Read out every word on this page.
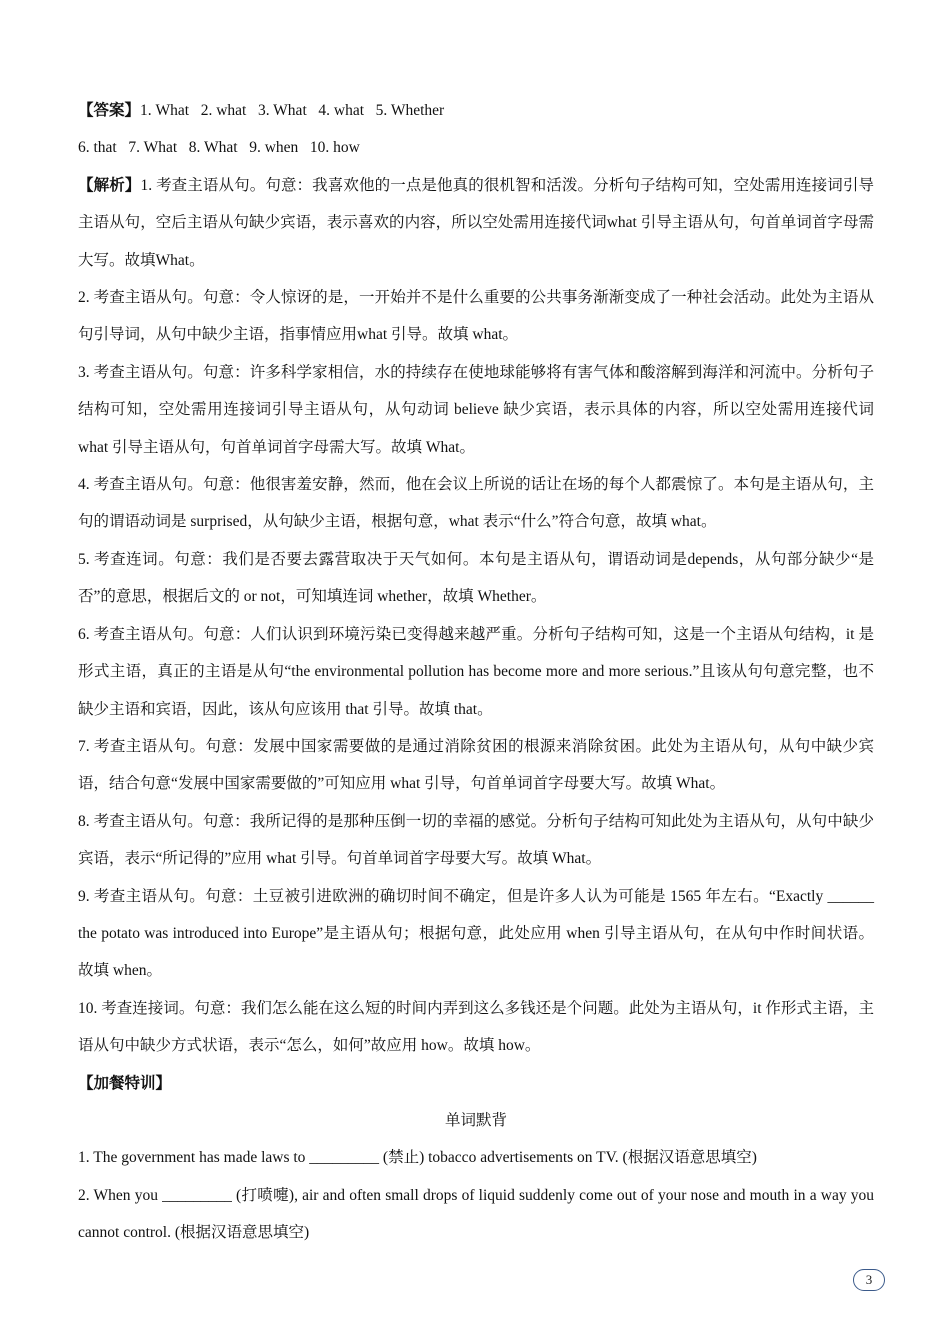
【答案】1. What   2. what   3. What   4. what   5. Whether
6. that   7. What   8. What   9. when   10. how
【解析】1. 考查主语从句。句意：我喜欢他的一点是他真的很机智和活泼。分析句子结构可知，空处需用连接词引导主语从句，空后主语从句缺少宾语，表示喜欢的内容，所以空处需用连接代词what 引导主语从句，句首单词首字母需大写。故填What。
2. 考查主语从句。句意：令人惊讶的是，一开始并不是什么重要的公共事务渐渐变成了一种社会活动。此处为主语从句引导词，从句中缺少主语，指事情应用what 引导。故填 what。
3. 考查主语从句。句意：许多科学家相信，水的持续存在使地球能够将有害气体和酸溶解到海洋和河流中。分析句子结构可知，空处需用连接词引导主语从句，从句动词 believe 缺少宾语，表示具体的内容，所以空处需用连接代词 what 引导主语从句，句首单词首字母需大写。故填 What。
4. 考查主语从句。句意：他很害羞安静，然而，他在会议上所说的话让在场的每个人都震惊了。本句是主语从句，主句的谓语动词是 surprised，从句缺少主语，根据句意，what 表示“什么”符合句意，故填 what。
5. 考查连词。句意：我们是否要去露营取决于天气如何。本句是主语从句，谓语动词是depends，从句部分缺少“是否”的意思，根据后文的 or not，可知填连词 whether，故填 Whether。
6. 考查主语从句。句意：人们认识到环境污染已变得越来越严重。分析句子结构可知，这是一个主语从句结构，it 是形式主语，真正的主语是从句“the environmental pollution has become more and more serious.”且该从句句意完整，也不缺少主语和宾语，因此，该从句应该用 that 引导。故填 that。
7. 考查主语从句。句意：发展中国家需要做的是通过消除贫困的根源来消除贫困。此处为主语从句，从句中缺少宾语，结合句意“发展中国家需要做的”可知应用 what 引导，句首单词首字母要大写。故填 What。
8. 考查主语从句。句意：我所记得的是那种压倒一切的幸福的感觉。分析句子结构可知此处为主语从句，从句中缺少宾语，表示“所记得的”应用 what 引导。句首单词首字母要大写。故填 What。
9. 考查主语从句。句意：土豆被引进欧洲的确切时间不确定，但是许多人认为可能是 1565 年左右。“Exactly ______ the potato was introduced into Europe”是主语从句；根据句意，此处应用 when 引导主语从句，在从句中作时间状语。故填 when。
10. 考查连接词。句意：我们怎么能在这么短的时间内弄到这么多钱还是个问题。此处为主语从句，it 作形式主语，主语从句中缺少方式状语，表示“怎么，如何”故应用 how。故填 how。
【加餐特训】
单词默背
1. The government has made laws to _________ (禁止) tobacco advertisements on TV. (根据汉语意思填空)
2. When you _________ (打喷嚏), air and often small drops of liquid suddenly come out of your nose and mouth in a way you cannot control. (根据汉语意思填空)
3
